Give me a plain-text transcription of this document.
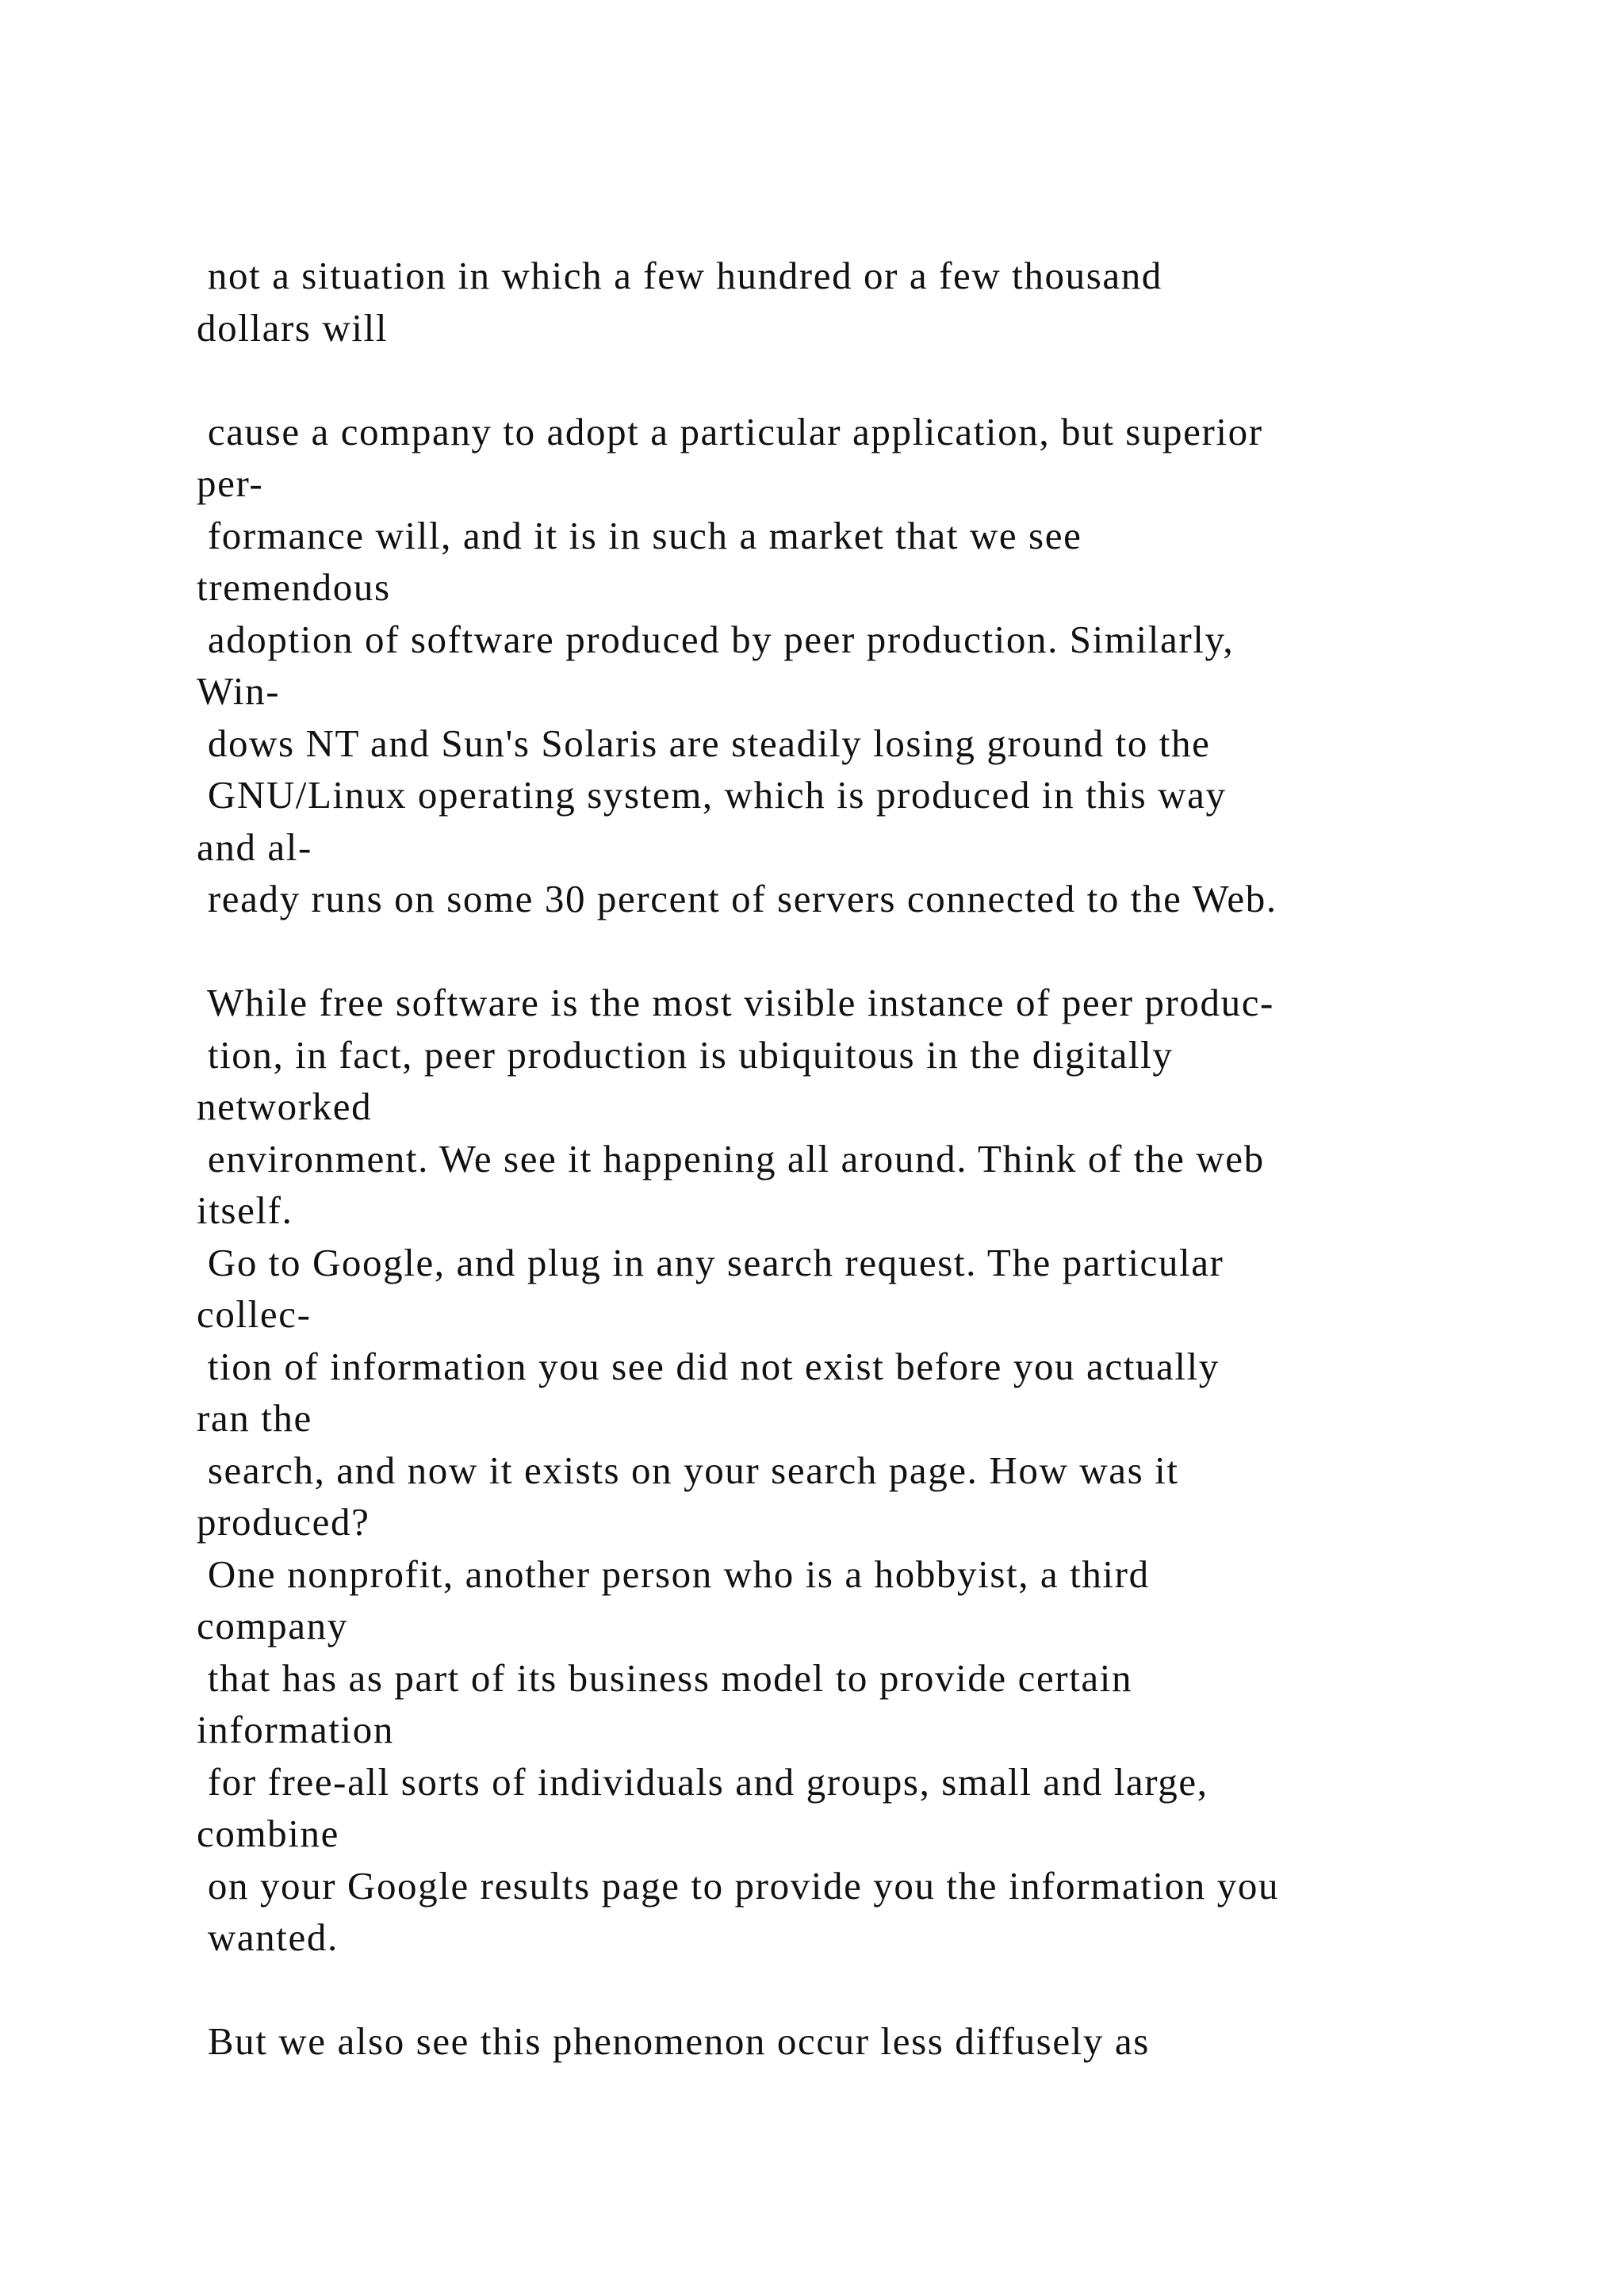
not a situation in which a few hundred or a few thousand
dollars will
cause a company to adopt a particular application, but superior
per-
formance will, and it is in such a market that we see
tremendous
adoption of software produced by peer production. Similarly,
Win-
dows NT and Sun's Solaris are steadily losing ground to the
GNU/Linux operating system, which is produced in this way
and al-
ready runs on some 30 percent of servers connected to the Web.
While free software is the most visible instance of peer produc-
tion, in fact, peer production is ubiquitous in the digitally
networked
environment. We see it happening all around. Think of the web
itself.
Go to Google, and plug in any search request. The particular
collec-
tion of information you see did not exist before you actually
ran the
search, and now it exists on your search page. How was it
produced?
One nonprofit, another person who is a hobbyist, a third
company
that has as part of its business model to provide certain
information
for free-all sorts of individuals and groups, small and large,
combine
on your Google results page to provide you the information you
wanted.
But we also see this phenomenon occur less diffusely as
